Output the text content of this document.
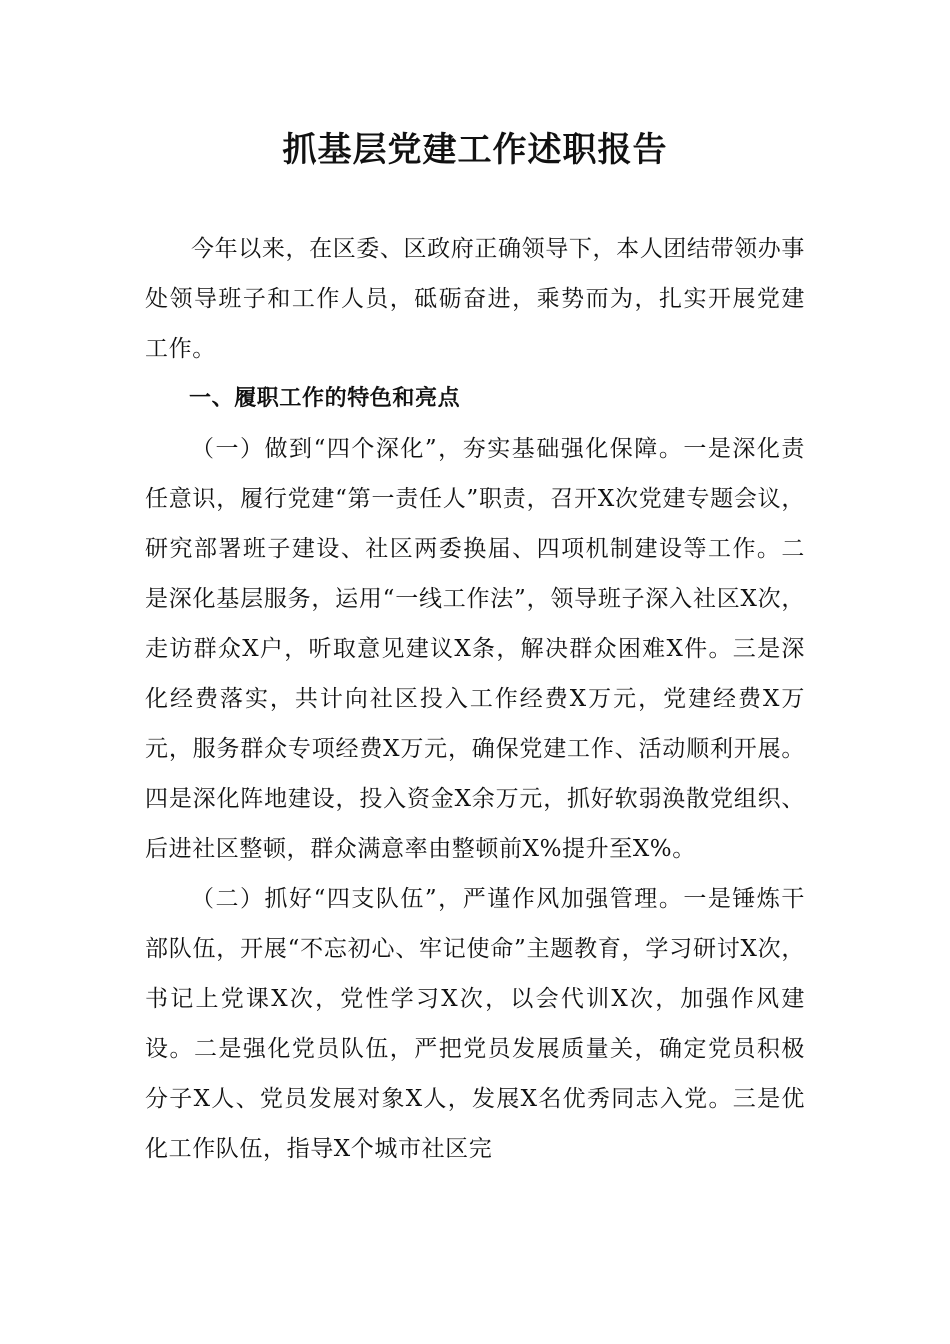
抓基层党建工作述职报告

今年以来，在区委、区政府正确领导下，本人团结带领办事处领导班子和工作人员，砥砺奋进，乘势而为，扎实开展党建工作。

一、履职工作的特色和亮点

（一）做到“四个深化”，夯实基础强化保障。一是深化责任意识，履行党建“第一责任人”职责，召开X次党建专题会议，研究部署班子建设、社区两委换届、四项机制建设等工作。二是深化基层服务，运用“一线工作法”，领导班子深入社区X次，走访群众X户，听取意见建议X条，解决群众困难X件。三是深化经费落实，共计向社区投入工作经费X万元，党建经费X万元，服务群众专项经费X万元，确保党建工作、活动顺利开展。四是深化阵地建设，投入资金X余万元，抓好软弱涣散党组织、后进社区整顿，群众满意率由整顿前X%提升至X%。

（二）抓好“四支队伍”，严谨作风加强管理。一是锤炼干部队伍，开展“不忘初心、牢记使命”主题教育，学习研讨X次，书记上党课X次，党性学习X次，以会代训X次，加强作风建设。二是强化党员队伍，严把党员发展质量关，确定党员积极分子X人、党员发展对象X人，发展X名优秀同志入党。三是优化工作队伍，指导X个城市社区完
